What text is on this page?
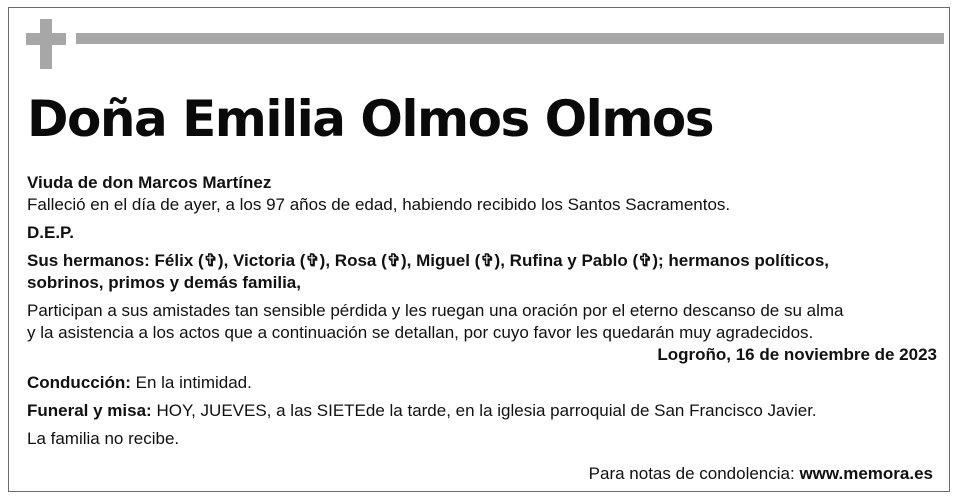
Doña Emilia Olmos Olmos
Viuda de don Marcos Martínez
Falleció en el día de ayer, a los 97 años de edad, habiendo recibido los Santos Sacramentos.
D.E.P.
Sus hermanos: Félix (✞), Victoria (✞), Rosa (✞), Miguel (✞), Rufina y Pablo (✞); hermanos políticos,
sobrinos, primos y demás familia,
Participan a sus amistades tan sensible pérdida y les ruegan una oración por el eterno descanso de su alma
y la asistencia a los actos que a continuación se detallan, por cuyo favor les quedarán muy agradecidos.
Logroño, 16 de noviembre de 2023
Conducción: En la intimidad.
Funeral y misa: HOY, JUEVES, a las SIETEde la tarde, en la iglesia parroquial de San Francisco Javier.
La familia no recibe.
Para notas de condolencia: www.memora.es
